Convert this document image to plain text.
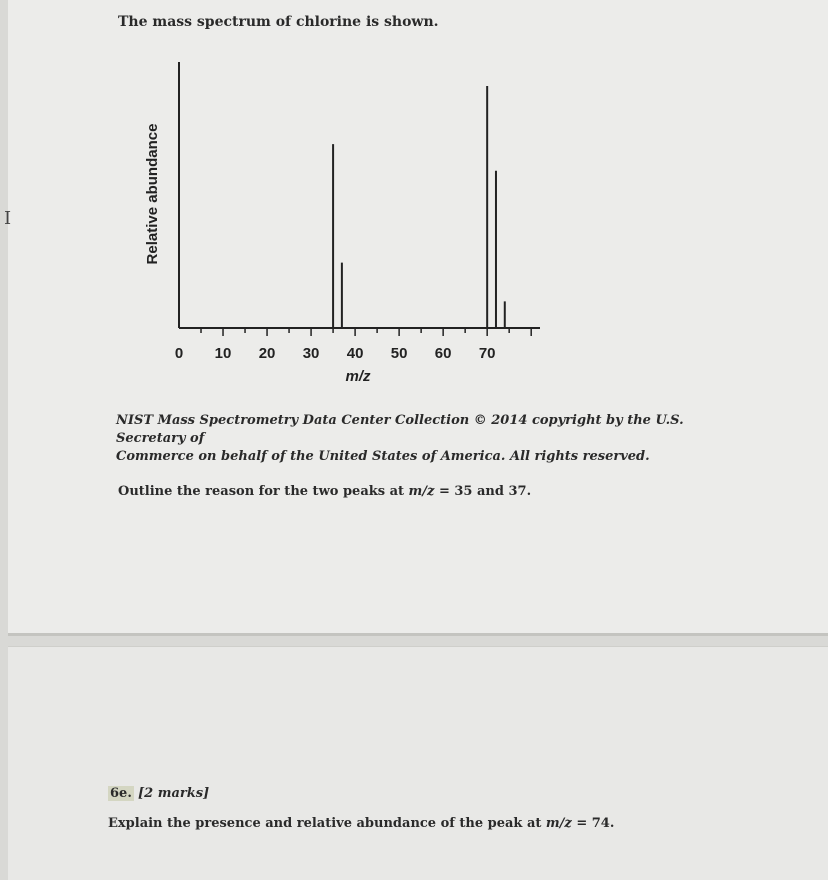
I
The mass spectrum of chlorine is shown.
Relative abundance
0 10 20 30 40 50 60 70
m/z
NIST Mass Spectrometry Data Center Collection © 2014 copyright by the U.S. Secretary of
Commerce on behalf of the United States of America. All rights reserved.
Outline the reason for the two peaks at m/z = 35 and 37.
6e. [2 marks]
Explain the presence and relative abundance of the peak at m/z = 74.
